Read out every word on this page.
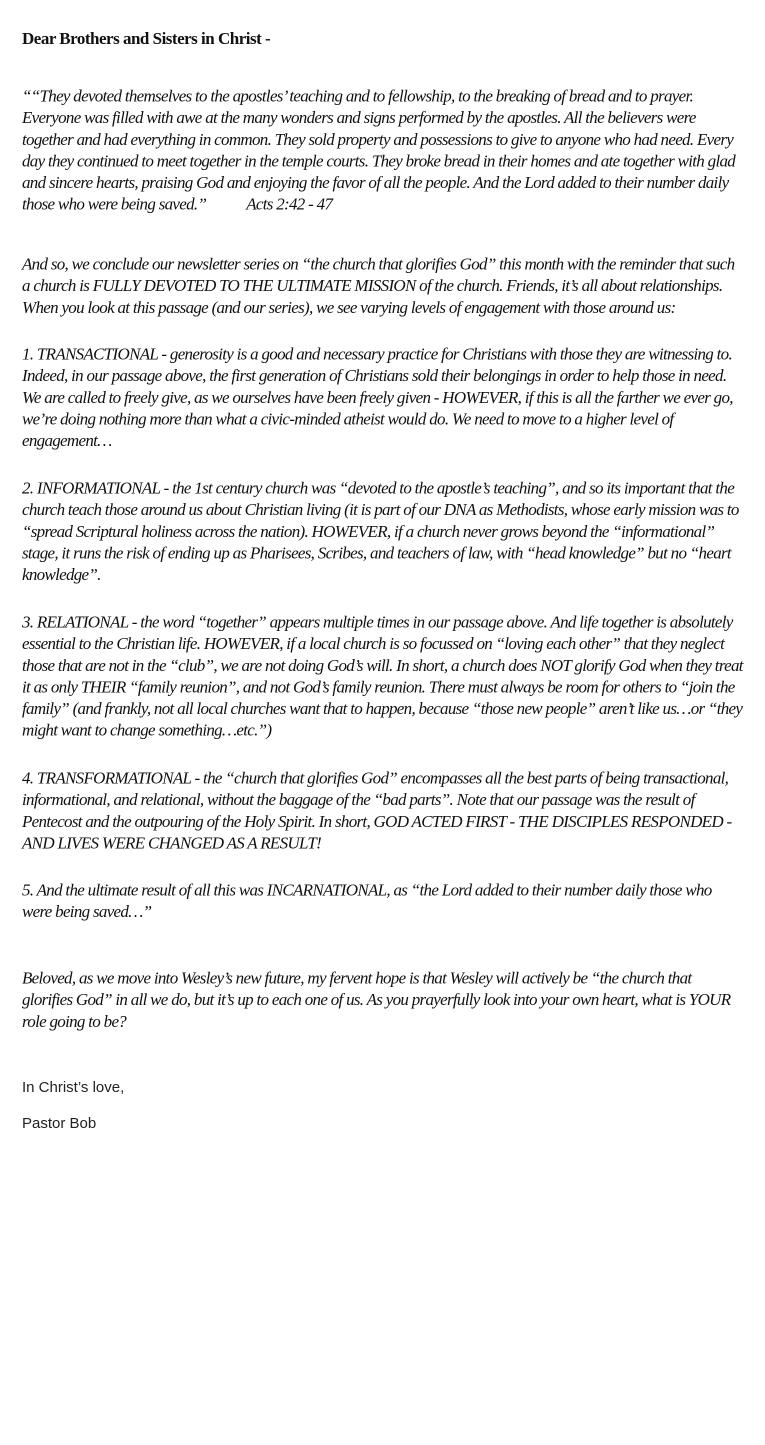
Dear Brothers and Sisters in Christ -

““They devoted themselves to the apostles’ teaching and to fellowship, to the breaking of bread and to prayer. Everyone was filled with awe at the many wonders and signs performed by the apostles. All the believers were together and had everything in common. They sold property and possessions to give to anyone who had need. Every day they continued to meet together in the temple courts. They broke bread in their homes and ate together with glad and sincere hearts, praising God and enjoying the favor of all the people. And the Lord added to their number daily those who were being saved.” Acts 2:42 - 47

And so, we conclude our newsletter series on “the church that glorifies God” this month with the reminder that such a church is FULLY DEVOTED TO THE ULTIMATE MISSION of the church. Friends, it’s all about relationships. When you look at this passage (and our series), we see varying levels of engagement with those around us:

1. TRANSACTIONAL - generosity is a good and necessary practice for Christians with those they are witnessing to. Indeed, in our passage above, the first generation of Christians sold their belongings in order to help those in need. We are called to freely give, as we ourselves have been freely given - HOWEVER, if this is all the farther we ever go, we’re doing nothing more than what a civic-minded atheist would do. We need to move to a higher level of engagement…

2. INFORMATIONAL - the 1st century church was “devoted to the apostle’s teaching”, and so its important that the church teach those around us about Christian living (it is part of our DNA as Methodists, whose early mission was to “spread Scriptural holiness across the nation). HOWEVER, if a church never grows beyond the “informational” stage, it runs the risk of ending up as Pharisees, Scribes, and teachers of law, with “head knowledge” but no “heart knowledge”.

3. RELATIONAL - the word “together” appears multiple times in our passage above. And life together is absolutely essential to the Christian life. HOWEVER, if a local church is so focussed on “loving each other” that they neglect those that are not in the “club”, we are not doing God’s will. In short, a church does NOT glorify God when they treat it as only THEIR “family reunion”, and not God’s family reunion. There must always be room for others to “join the family” (and frankly, not all local churches want that to happen, because “those new people” aren’t like us…or “they might want to change something…etc.”)

4. TRANSFORMATIONAL - the “church that glorifies God” encompasses all the best parts of being transactional, informational, and relational, without the baggage of the “bad parts”. Note that our passage was the result of Pentecost and the outpouring of the Holy Spirit. In short, GOD ACTED FIRST - THE DISCIPLES RESPONDED - AND LIVES WERE CHANGED AS A RESULT!

5. And the ultimate result of all this was INCARNATIONAL, as “the Lord added to their number daily those who were being saved…”

Beloved, as we move into Wesley’s new future, my fervent hope is that Wesley will actively be “the church that glorifies God” in all we do, but it’s up to each one of us. As you prayerfully look into your own heart, what is YOUR role going to be?

In Christ’s love,

Pastor Bob
